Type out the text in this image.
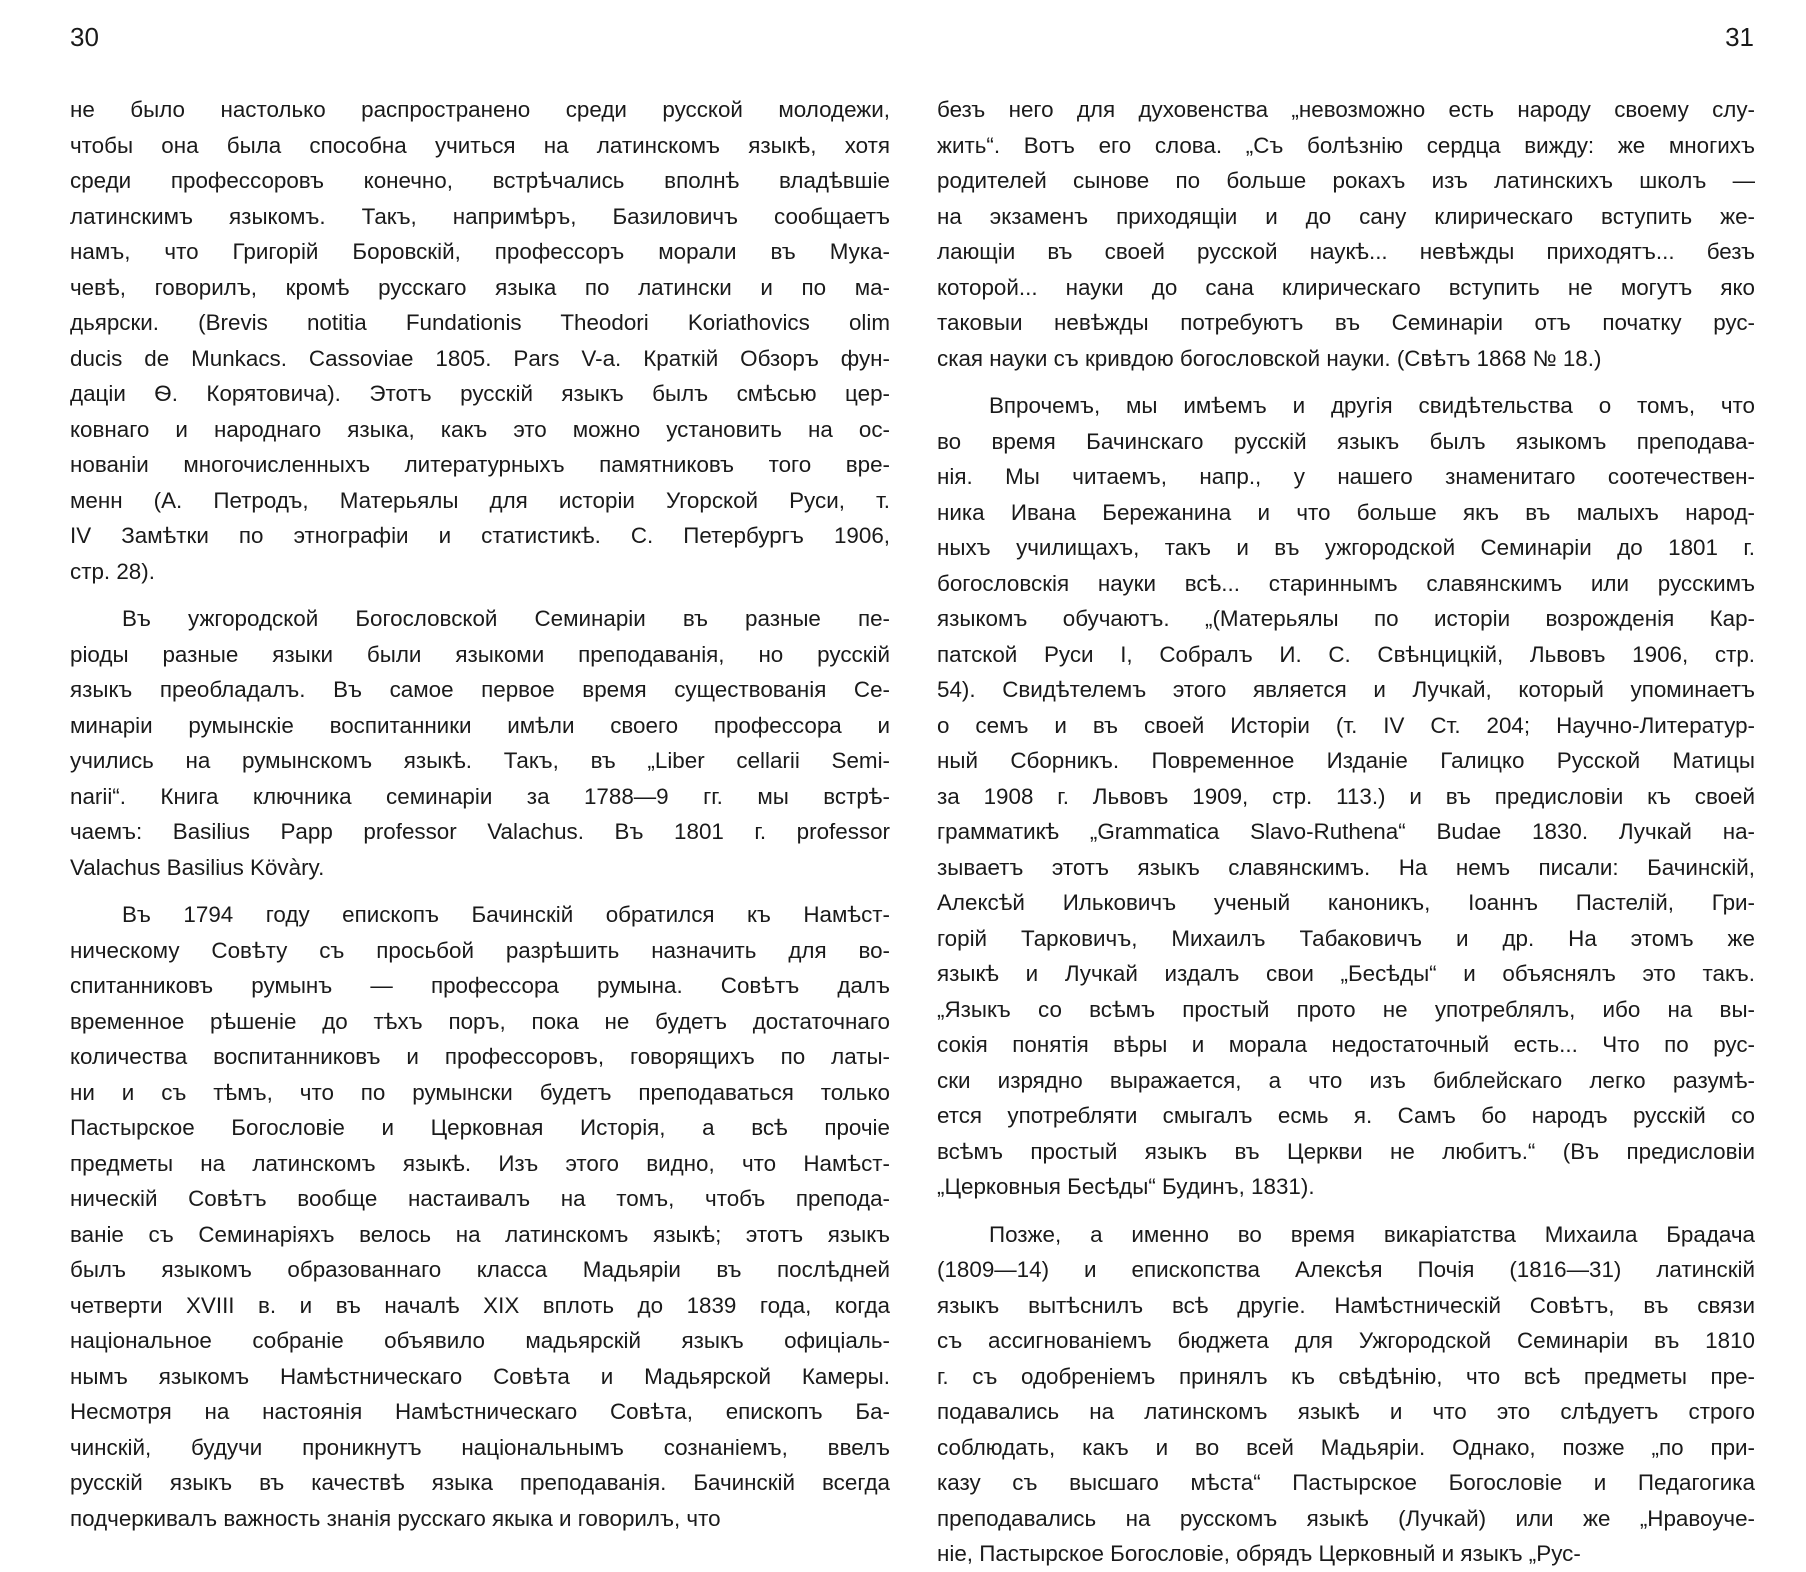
30
не было настолько распространено среди русской молодежи,
чтобы она была способна учиться на латинскомъ языкѣ, хотя
среди профессоровъ конечно, встрѣчались вполнѣ владѣвшіе
латинскимъ языкомъ. Такъ, напримѣръ, Базиловичъ сообщаетъ
намъ, что Григорій Боровскій, профессоръ морали въ Мука-
чевѣ, говорилъ, кромѣ русскаго языка по латински и по ма-
дьярски. (Brevis notitia Fundationis Theodori Koriathovics olim
ducis de Munkacs. Cassoviae 1805. Pars V-a. Краткій Обзоръ фун-
даціи Ѳ. Корятовича). Этотъ русскій языкъ былъ смѣсью цер-
ковнаго и народнаго языка, какъ это можно установить на ос-
нованіи многочисленныхъ литературныхъ памятниковъ того вре-
менн (А. Петродъ, Матерьялы для исторіи Угорской Руси, т.
IV Замѣтки по этнографіи и статистикѣ. С. Петербургъ 1906,
стр. 28).
Въ ужгородской Богословской Семинаріи въ разные пе-
ріоды разные языки были языкоми преподаванія, но русскій
языкъ преобладалъ. Въ самое первое время существованія Се-
минаріи румынскіе воспитанники имѣли своего профессора и
учились на румынскомъ языкѣ. Такъ, въ „Liber cellarii Semi-
narii“. Книга ключника семинаріи за 1788—9 гг. мы встрѣ-
чаемъ: Basilius Papp professor Valachus. Въ 1801 г. professor
Valachus Basilius Kövàry.
Въ 1794 году епископъ Бачинскій обратился къ Намѣст-
ническому Совѣту съ просьбой разрѣшить назначить для во-
спитанниковъ румынъ — профессора румына. Совѣтъ далъ
временное рѣшеніе до тѣхъ поръ, пока не будетъ достаточнаго
количества воспитанниковъ и профессоровъ, говорящихъ по латы-
ни и съ тѣмъ, что по румынски будетъ преподаваться только
Пастырское Богословіе и Церковная Исторія, а всѣ прочіе
предметы на латинскомъ языкѣ. Изъ этого видно, что Намѣст-
ническій Совѣтъ вообще настаивалъ на томъ, чтобъ препода-
ваніе съ Семинаріяхъ велось на латинскомъ языкѣ; этотъ языкъ
былъ языкомъ образованнаго класса Мадьяріи въ послѣдней
четверти XVIII в. и въ началѣ XIX вплоть до 1839 года, когда
національное собраніе объявило мадьярскій языкъ офиціаль-
нымъ языкомъ Намѣстническаго Совѣта и Мадьярской Камеры.
Несмотря на настоянія Намѣстническаго Совѣта, епископъ Ба-
чинскій, будучи проникнутъ національнымъ сознаніемъ, ввелъ
русскій языкъ въ качествѣ языка преподаванія. Бачинскій всегда
подчеркивалъ важность знанія русскаго якыка и говорилъ, что
31
безъ него для духовенства „невозможно есть народу своему слу-
жить“. Вотъ его слова. „Съ болѣзнію сердца вижду: же многихъ
родителей сынове по больше рокахъ изъ латинскихъ школъ —
на экзаменъ приходящіи и до сану клирическаго вступить же-
лающіи въ своей русской наукѣ... невѣжды приходятъ... безъ
которой... науки до сана клирическаго вступить не могутъ яко
таковыи невѣжды потребуютъ въ Семинаріи отъ початку рус-
ская науки съ кривдою богословской науки. (Свѣтъ 1868 № 18.)
Впрочемъ, мы имѣемъ и другія свидѣтельства о томъ, что
во время Бачинскаго русскій языкъ былъ языкомъ преподава-
нія. Мы читаемъ, напр., у нашего знаменитаго соотечествен-
ника Ивана Бережанина и что больше якъ въ малыхъ народ-
ныхъ училищахъ, такъ и въ ужгородской Семинаріи до 1801 г.
богословскія науки всѣ... стариннымъ славянскимъ или русскимъ
языкомъ обучаютъ. „(Матерьялы по исторіи возрожденія Кар-
патской Руси I, Собралъ И. С. Свѣнцицкій, Львовъ 1906, стр.
54). Свидѣтелемъ этого является и Лучкай, который упоминаетъ
о семъ и въ своей Исторіи (т. IV Ст. 204; Научно-Литератур-
ный Сборникъ. Повременное Изданіе Галицко Русской Матицы
за 1908 г. Львовъ 1909, стр. 113.) и въ предисловіи къ своей
грамматикѣ „Grammatica Slavo-Ruthena“ Budae 1830. Лучкай на-
зываетъ этотъ языкъ славянскимъ. На немъ писали: Бачинскій,
Алексѣй Ильковичъ ученый каноникъ, Іоаннъ Пастелій, Гри-
горій Тарковичъ, Михаилъ Табаковичъ и др. На этомъ же
языкѣ и Лучкай издалъ свои „Бесѣды“ и объяснялъ это такъ.
„Языкъ со всѣмъ простый прото не употреблялъ, ибо на вы-
сокія понятія вѣры и морала недостаточный есть... Что по рус-
ски изрядно выражается, а что изъ библейскаго легко разумѣ-
ется употребляти смыгалъ есмь я. Самъ бо народъ русскій со
всѣмъ простый языкъ въ Церкви не любитъ.“ (Въ предисловіи
„Церковныя Бесѣды“ Будинъ, 1831).
Позже, а именно во время викаріатства Михаила Брадача
(1809—14) и епископства Алексѣя Почія (1816—31) латинскій
языкъ вытѣснилъ всѣ другіе. Намѣстническій Совѣтъ, въ связи
съ ассигнованіемъ бюджета для Ужгородской Семинаріи въ 1810
г. съ одобреніемъ принялъ къ свѣдѣнію, что всѣ предметы пре-
подавались на латинскомъ языкѣ и что это слѣдуетъ строго
соблюдать, какъ и во всей Мадьяріи. Однако, позже „по при-
казу съ высшаго мѣста“ Пастырское Богословіе и Педагогика
преподавались на русскомъ языкѣ (Лучкай) или же „Нравоуче-
ніе, Пастырское Богословіе, обрядъ Церковный и языкъ „Рус-
